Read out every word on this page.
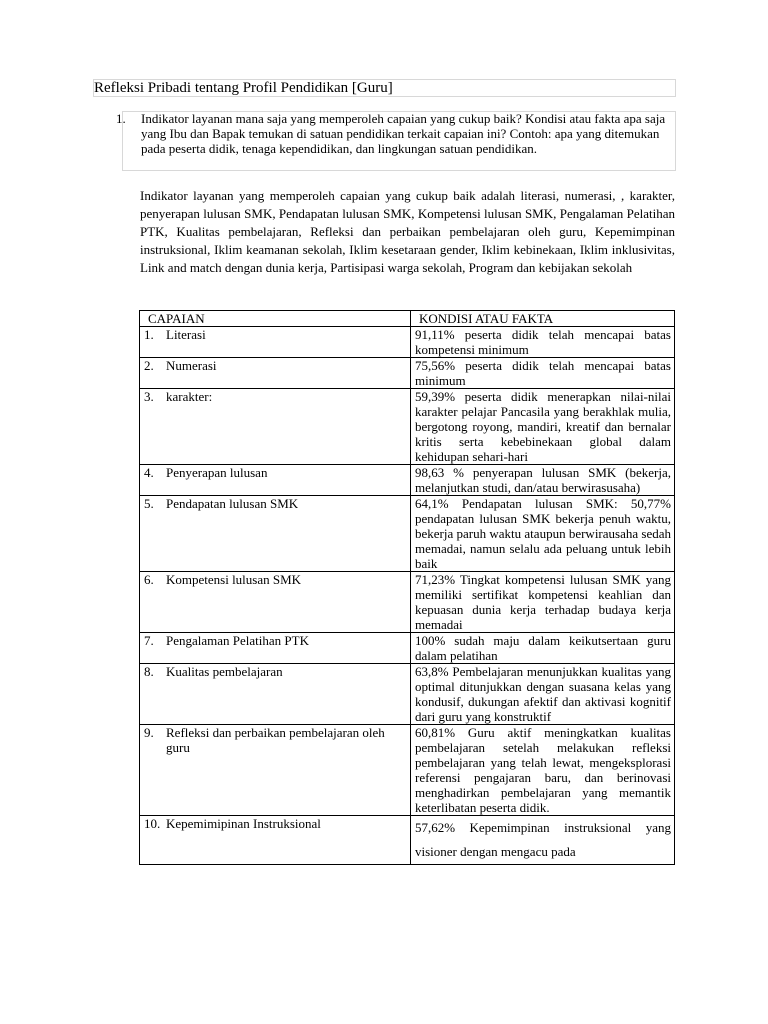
Refleksi Pribadi tentang Profil Pendidikan [Guru]
1. Indikator layanan mana saja yang memperoleh capaian yang cukup baik? Kondisi atau fakta apa saja yang Ibu dan Bapak temukan di satuan pendidikan terkait capaian ini? Contoh: apa yang ditemukan pada peserta didik, tenaga kependidikan, dan lingkungan satuan pendidikan.
Indikator layanan yang memperoleh capaian yang cukup baik adalah literasi, numerasi, , karakter, penyerapan lulusan SMK, Pendapatan lulusan SMK, Kompetensi lulusan SMK, Pengalaman Pelatihan PTK, Kualitas pembelajaran, Refleksi dan perbaikan pembelajaran oleh guru, Kepemimpinan instruksional, Iklim keamanan sekolah, Iklim kesetaraan gender, Iklim kebinekaan, Iklim inklusivitas, Link and match dengan dunia kerja, Partisipasi warga sekolah, Program dan kebijakan sekolah
CAPAIAN	KONDISI ATAU FAKTA
1. Literasi	91,11% peserta didik telah mencapai batas kompetensi minimum
2. Numerasi	75,56% peserta didik telah mencapai batas minimum
3. karakter:	59,39% peserta didik menerapkan nilai-nilai karakter pelajar Pancasila yang berakhlak mulia, bergotong royong, mandiri, kreatif dan bernalar kritis serta kebebinekaan global dalam kehidupan sehari-hari
4. Penyerapan lulusan	98,63 % penyerapan lulusan SMK (bekerja, melanjutkan studi, dan/atau berwirasusaha)
5. Pendapatan lulusan SMK	64,1% Pendapatan lulusan SMK: 50,77% pendapatan lulusan SMK bekerja penuh waktu, bekerja paruh waktu ataupun berwirausaha sedah memadai, namun selalu ada peluang untuk lebih baik
6. Kompetensi lulusan SMK	71,23% Tingkat kompetensi lulusan SMK yang memiliki sertifikat kompetensi keahlian dan kepuasan dunia kerja terhadap budaya kerja memadai
7. Pengalaman Pelatihan PTK	100% sudah maju dalam keikutsertaan guru dalam pelatihan
8. Kualitas pembelajaran	63,8% Pembelajaran menunjukkan kualitas yang optimal ditunjukkan dengan suasana kelas yang kondusif, dukungan afektif dan aktivasi kognitif dari guru yang konstruktif
9. Refleksi dan perbaikan pembelajaran oleh guru	60,81% Guru aktif meningkatkan kualitas pembelajaran setelah melakukan refleksi pembelajaran yang telah lewat, mengeksplorasi referensi pengajaran baru, dan berinovasi menghadirkan pembelajaran yang memantik keterlibatan peserta didik.
10. Kepemimipinan Instruksional	57,62% Kepemimpinan instruksional yang visioner dengan mengacu pada
